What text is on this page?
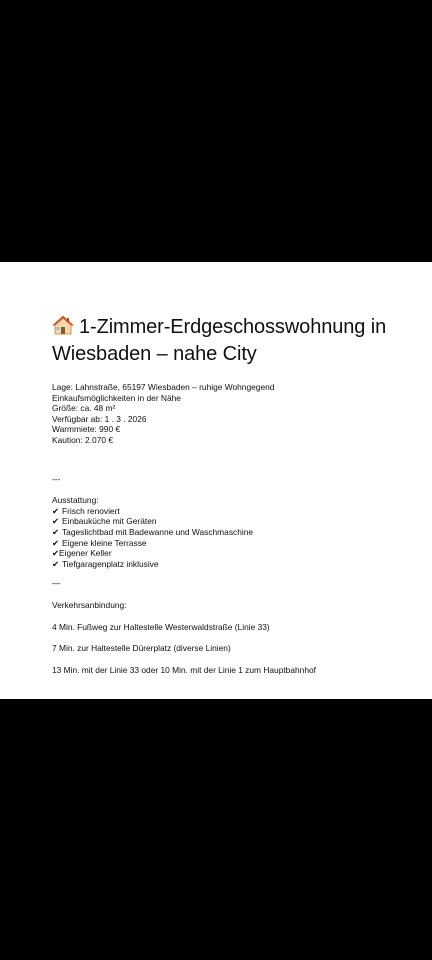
1-Zimmer-Erdgeschosswohnung in Wiesbaden – nahe City
Lage: Lahnstraße, 65197 Wiesbaden – ruhige Wohngegend
Einkaufsmöglichkeiten in der Nähe
Größe: ca. 48 m²
Verfügbar ab: 1 . 3 . 2026
Warmmiete: 990 €
Kaution: 2.070 €
---
Ausstattung:
✔ Frisch renoviert
✔ Einbauküche mit Geräten
✔ Tageslichtbad mit Badewanne und Waschmaschine
✔ Eigene kleine Terrasse
✔Eigener Keller
✔ Tiefgaragenplatz inklusive
—
Verkehrsanbindung:
4 Min. Fußweg zur Haltestelle Westerwaldstraße (Linie 33)
7 Min. zur Haltestelle Dürerplatz (diverse Linien)
13 Min. mit der Linie 33 oder 10 Min. mit der Linie 1 zum Hauptbahnhof
